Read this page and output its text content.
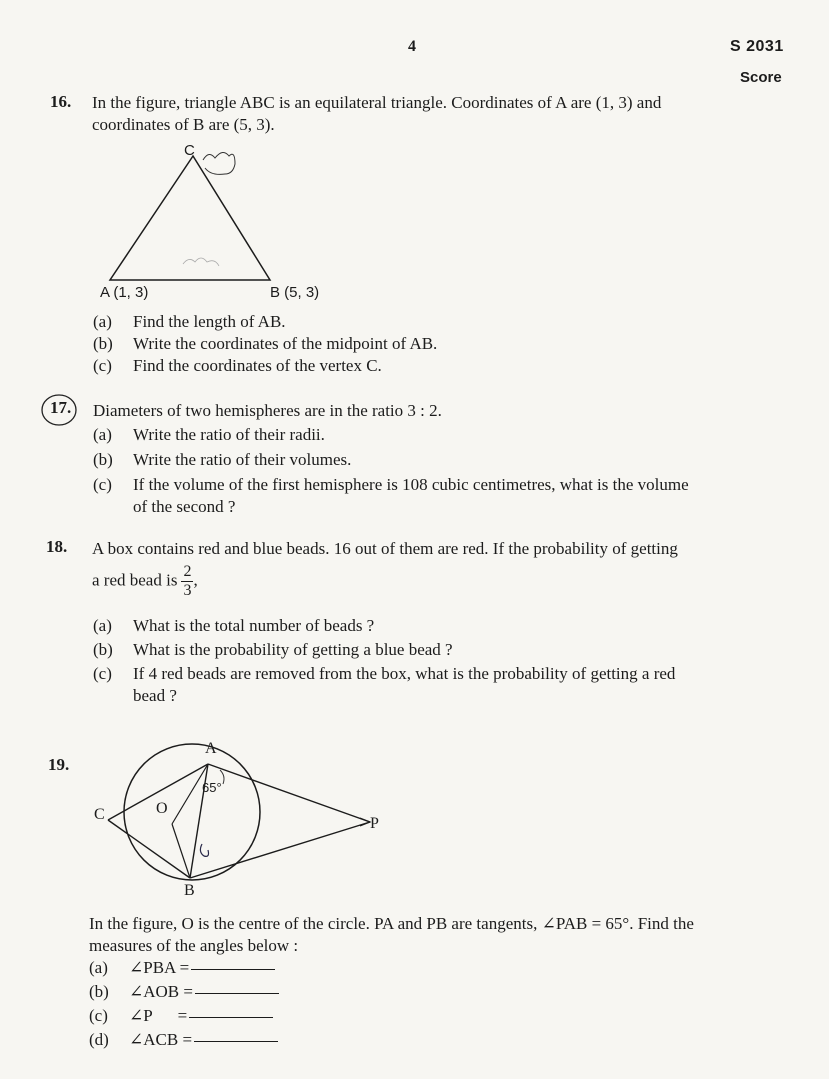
4	S 2031
Score
16. In the figure, triangle ABC is an equilateral triangle. Coordinates of A are (1, 3) and
coordinates of B are (5, 3).
C
A (1, 3)	B (5, 3)
(a) Find the length of AB.
(b) Write the coordinates of the midpoint of AB.
(c) Find the coordinates of the vertex C.
17. Diameters of two hemispheres are in the ratio 3 : 2.
(a) Write the ratio of their radii.
(b) Write the ratio of their volumes.
(c) If the volume of the first hemisphere is 108 cubic centimetres, what is the volume
of the second ?
18. A box contains red and blue beads. 16 out of them are red. If the probability of getting
a red bead is $\frac{2}{3}$ ,
(a) What is the total number of beads ?
(b) What is the probability of getting a blue bead ?
(c) If 4 red beads are removed from the box, what is the probability of getting a red
bead ?
19.
A
B
C	O
P
65°
In the figure, O is the centre of the circle. PA and PB are tangents, ∠PAB = 65°. Find the
measures of the angles below :
(a) ∠PBA =
(b) ∠AOB =
(c) ∠P      =
(d) ∠ACB =
